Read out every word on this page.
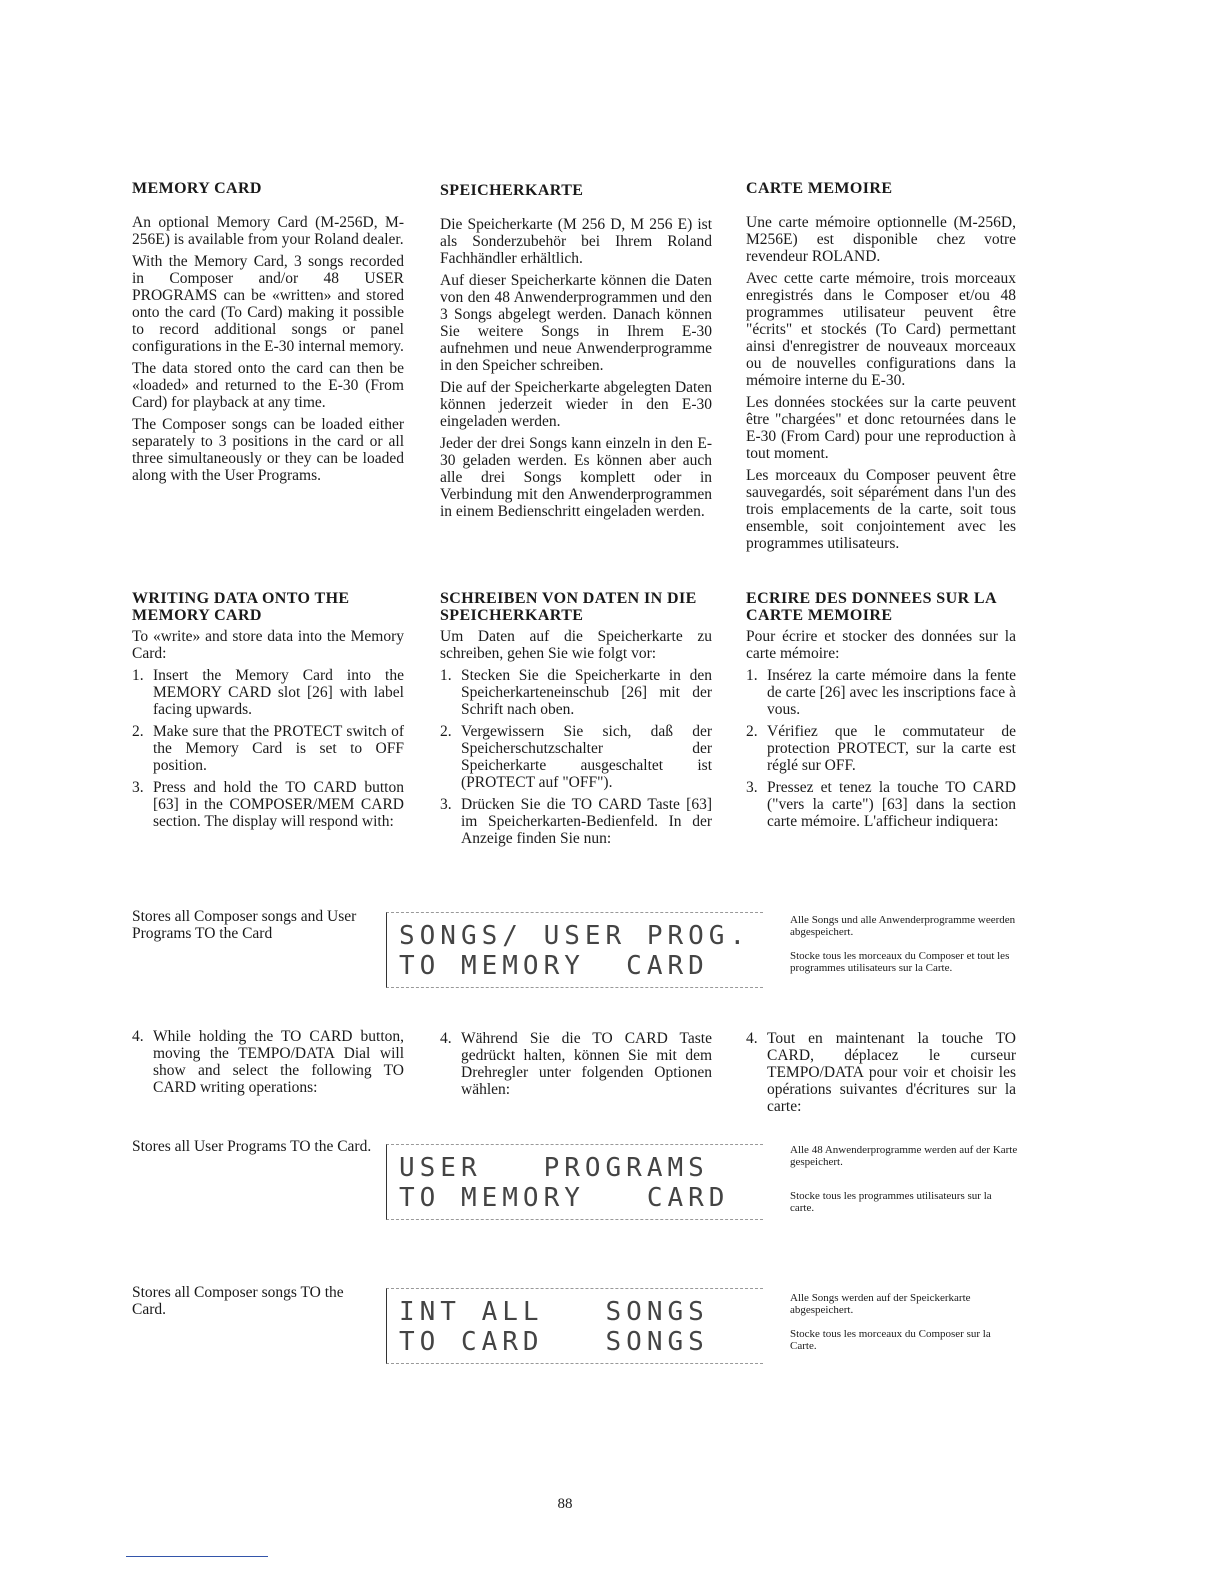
MEMORY CARD

An optional Memory Card (M-256D, M-256E) is available from your Roland dealer.

With the Memory Card, 3 songs recorded in Composer and/or 48 USER PROGRAMS can be «written» and stored onto the card (To Card) making it possible to record additional songs or panel configurations in the E-30 internal memory.

The data stored onto the card can then be «loaded» and returned to the E-30 (From Card) for playback at any time.

The Composer songs can be loaded either separately to 3 positions in the card or all three simultaneously or they can be loaded along with the User Programs.

WRITING DATA ONTO THE MEMORY CARD

To «write» and store data into the Memory Card:

1. Insert the Memory Card into the MEMORY CARD slot [26] with label facing upwards.
2. Make sure that the PROTECT switch of the Memory Card is set to OFF position.
3. Press and hold the TO CARD button [63] in the COMPOSER/MEM CARD section. The display will respond with:
SPEICHERKARTE

Die Speicherkarte (M 256 D, M 256 E) ist als Sonderzubehör bei Ihrem Roland Fachhändler erhältlich.

Auf dieser Speicherkarte können die Daten von den 48 Anwenderprogrammen und den 3 Songs abgelegt werden. Danach können Sie weitere Songs in Ihrem E-30 aufnehmen und neue Anwenderprogramme in den Speicher schreiben.

Die auf der Speicherkarte abgelegten Daten können jederzeit wieder in den E-30 eingeladen werden.

Jeder der drei Songs kann einzeln in den E-30 geladen werden. Es können aber auch alle drei Songs komplett oder in Verbindung mit den Anwenderprogrammen in einem Bedienschritt eingeladen werden.

SCHREIBEN VON DATEN IN DIE SPEICHERKARTE

Um Daten auf die Speicherkarte zu schreiben, gehen Sie wie folgt vor:

1. Stecken Sie die Speicherkarte in den Speicherkarteneinschub [26] mit der Schrift nach oben.
2. Vergewissern Sie sich, daß der Speicherschutzschalter der Speicherkarte ausgeschaltet ist (PROTECT auf "OFF").
3. Drücken Sie die TO CARD Taste [63] im Speicherkarten-Bedienfeld. In der Anzeige finden Sie nun:
CARTE MEMOIRE

Une carte mémoire optionnelle (M-256D, M256E) est disponible chez votre revendeur ROLAND.

Avec cette carte mémoire, trois morceaux enregistrés dans le Composer et/ou 48 programmes utilisateur peuvent être "écrits" et stockés (To Card) permettant ainsi d'enregistrer de nouveaux morceaux ou de nouvelles configurations dans la mémoire interne du E-30.

Les données stockées sur la carte peuvent être "chargées" et donc retournées dans le E-30 (From Card) pour une reproduction à tout moment.

Les morceaux du Composer peuvent être sauvegardés, soit séparément dans l'un des trois emplacements de la carte, soit tous ensemble, soit conjointement avec les programmes utilisateurs.

ECRIRE DES DONNEES SUR LA CARTE MEMOIRE

Pour écrire et stocker des données sur la carte mémoire:

1. Insérez la carte mémoire dans la fente de carte [26] avec les inscriptions face à vous.
2. Vérifiez que le commutateur de protection PROTECT, sur la carte est réglé sur OFF.
3. Pressez et tenez la touche TO CARD ("vers la carte") [63] dans la section carte mémoire. L'afficheur indiquera:
Stores all Composer songs and User Programs TO the Card	SONGS/ USER PROG.
TO MEMORY  CARD

Alle Songs und alle Anwenderprogramme weerden abgespeichert.

Stocke tous les morceaux du Composer et tout les programmes utilisateurs sur la Carte.

4. While holding the TO CARD button, moving the TEMPO/DATA Dial will show and select the following TO CARD writing operations:
4. Während Sie die TO CARD Taste gedrückt halten, können Sie mit dem Drehregler unter folgenden Optionen wählen:
4. Tout en maintenant la touche TO CARD, déplacez le curseur TEMPO/DATA pour voir et choisir les opérations suivantes d'écritures sur la carte:
Stores all User Programs TO the Card.
USER   PROGRAMS
TO MEMORY   CARD

Alle 48 Anwenderprogramme werden auf der Karte gespeichert.

Stocke tous les programmes utilisateurs sur la carte.

Stores all Composer songs TO the Card.	INT ALL   SONGS
TO CARD   SONGS

Alle Songs werden auf der Speickerkarte abgespeichert.

Stocke tous les morceaux du Composer sur la Carte.

88
